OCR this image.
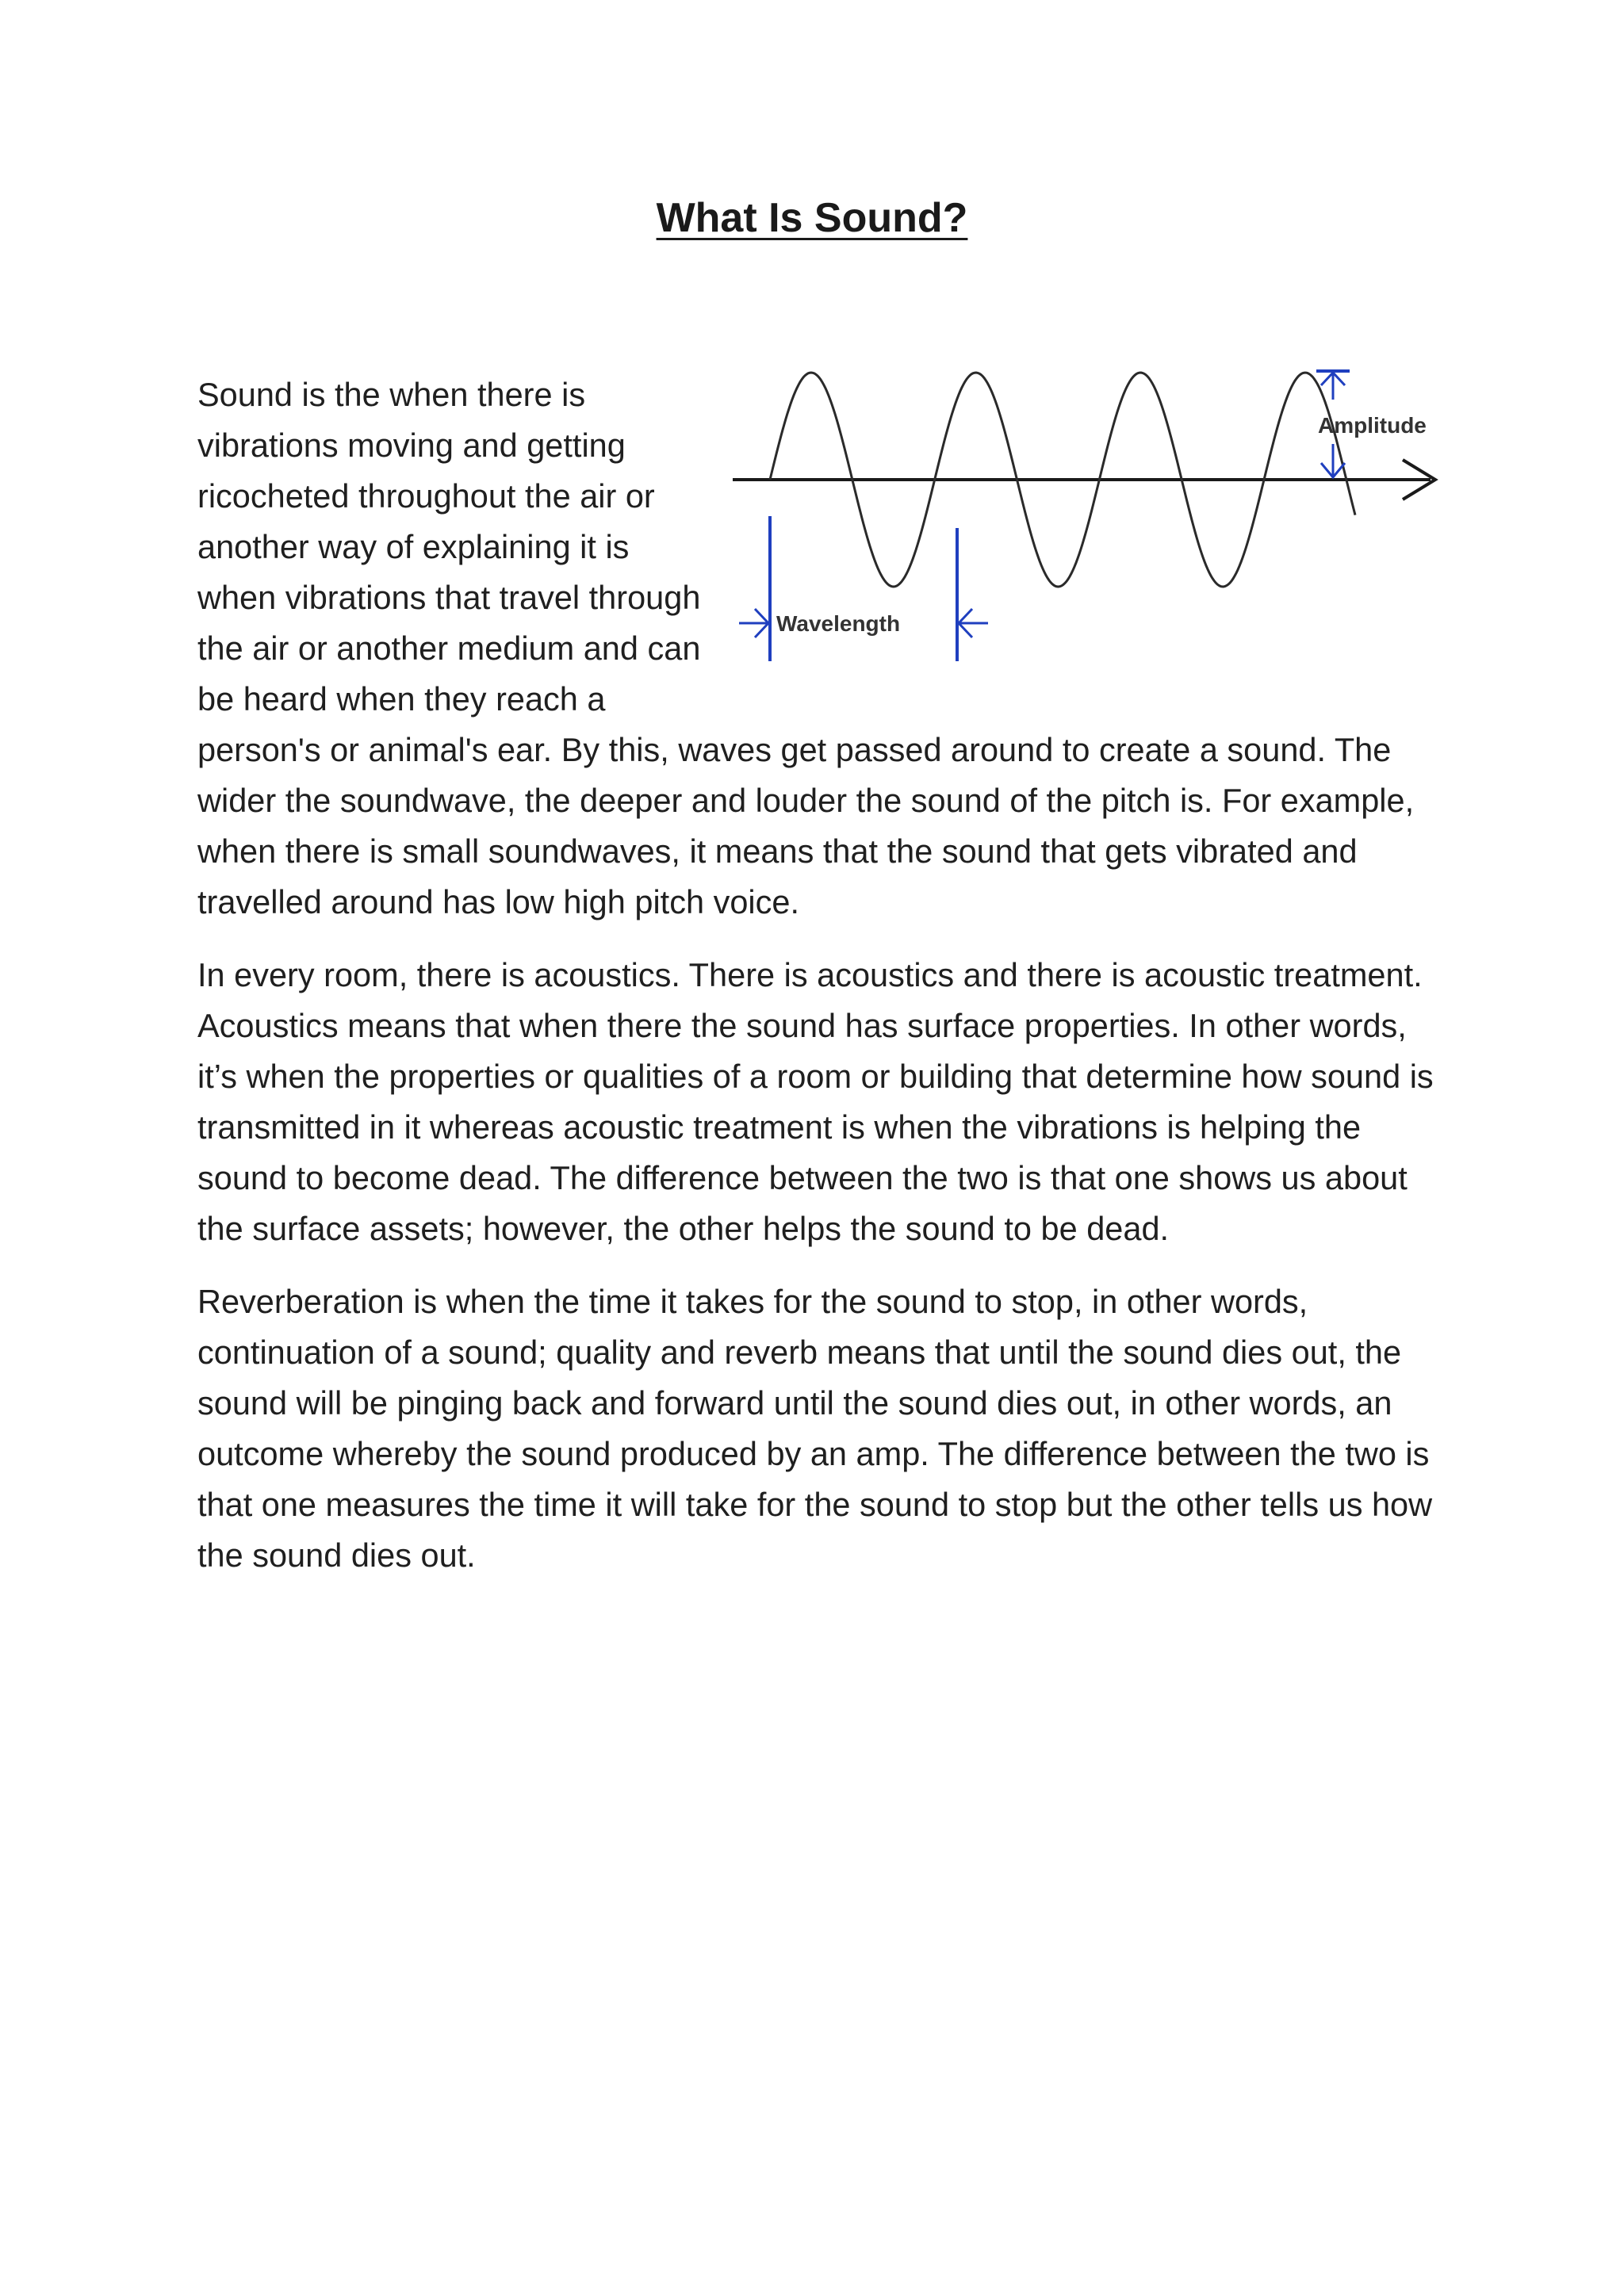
What Is Sound?
Amplitude
Wavelength

Sound is the when there is vibrations moving and getting ricocheted throughout the air or another way of explaining it is when vibrations that travel through the air or another medium and can be heard when they reach a person's or animal's ear. By this, waves get passed around to create a sound. The wider the soundwave, the deeper and louder the sound of the pitch is. For example, when there is small soundwaves, it means that the sound that gets vibrated and travelled around has low high pitch voice.

In every room, there is acoustics. There is acoustics and there is acoustic treatment. Acoustics means that when there the sound has surface properties. In other words, it’s when the properties or qualities of a room or building that determine how sound is transmitted in it whereas acoustic treatment is when the vibrations is helping the sound to become dead. The difference between the two is that one shows us about the surface assets; however, the other helps the sound to be dead.

Reverberation is when the time it takes for the sound to stop, in other words, continuation of a sound; quality and reverb means that until the sound dies out, the sound will be pinging back and forward until the sound dies out, in other words, an outcome whereby the sound produced by an amp. The difference between the two is that one measures the time it will take for the sound to stop but the other tells us how the sound dies out.
